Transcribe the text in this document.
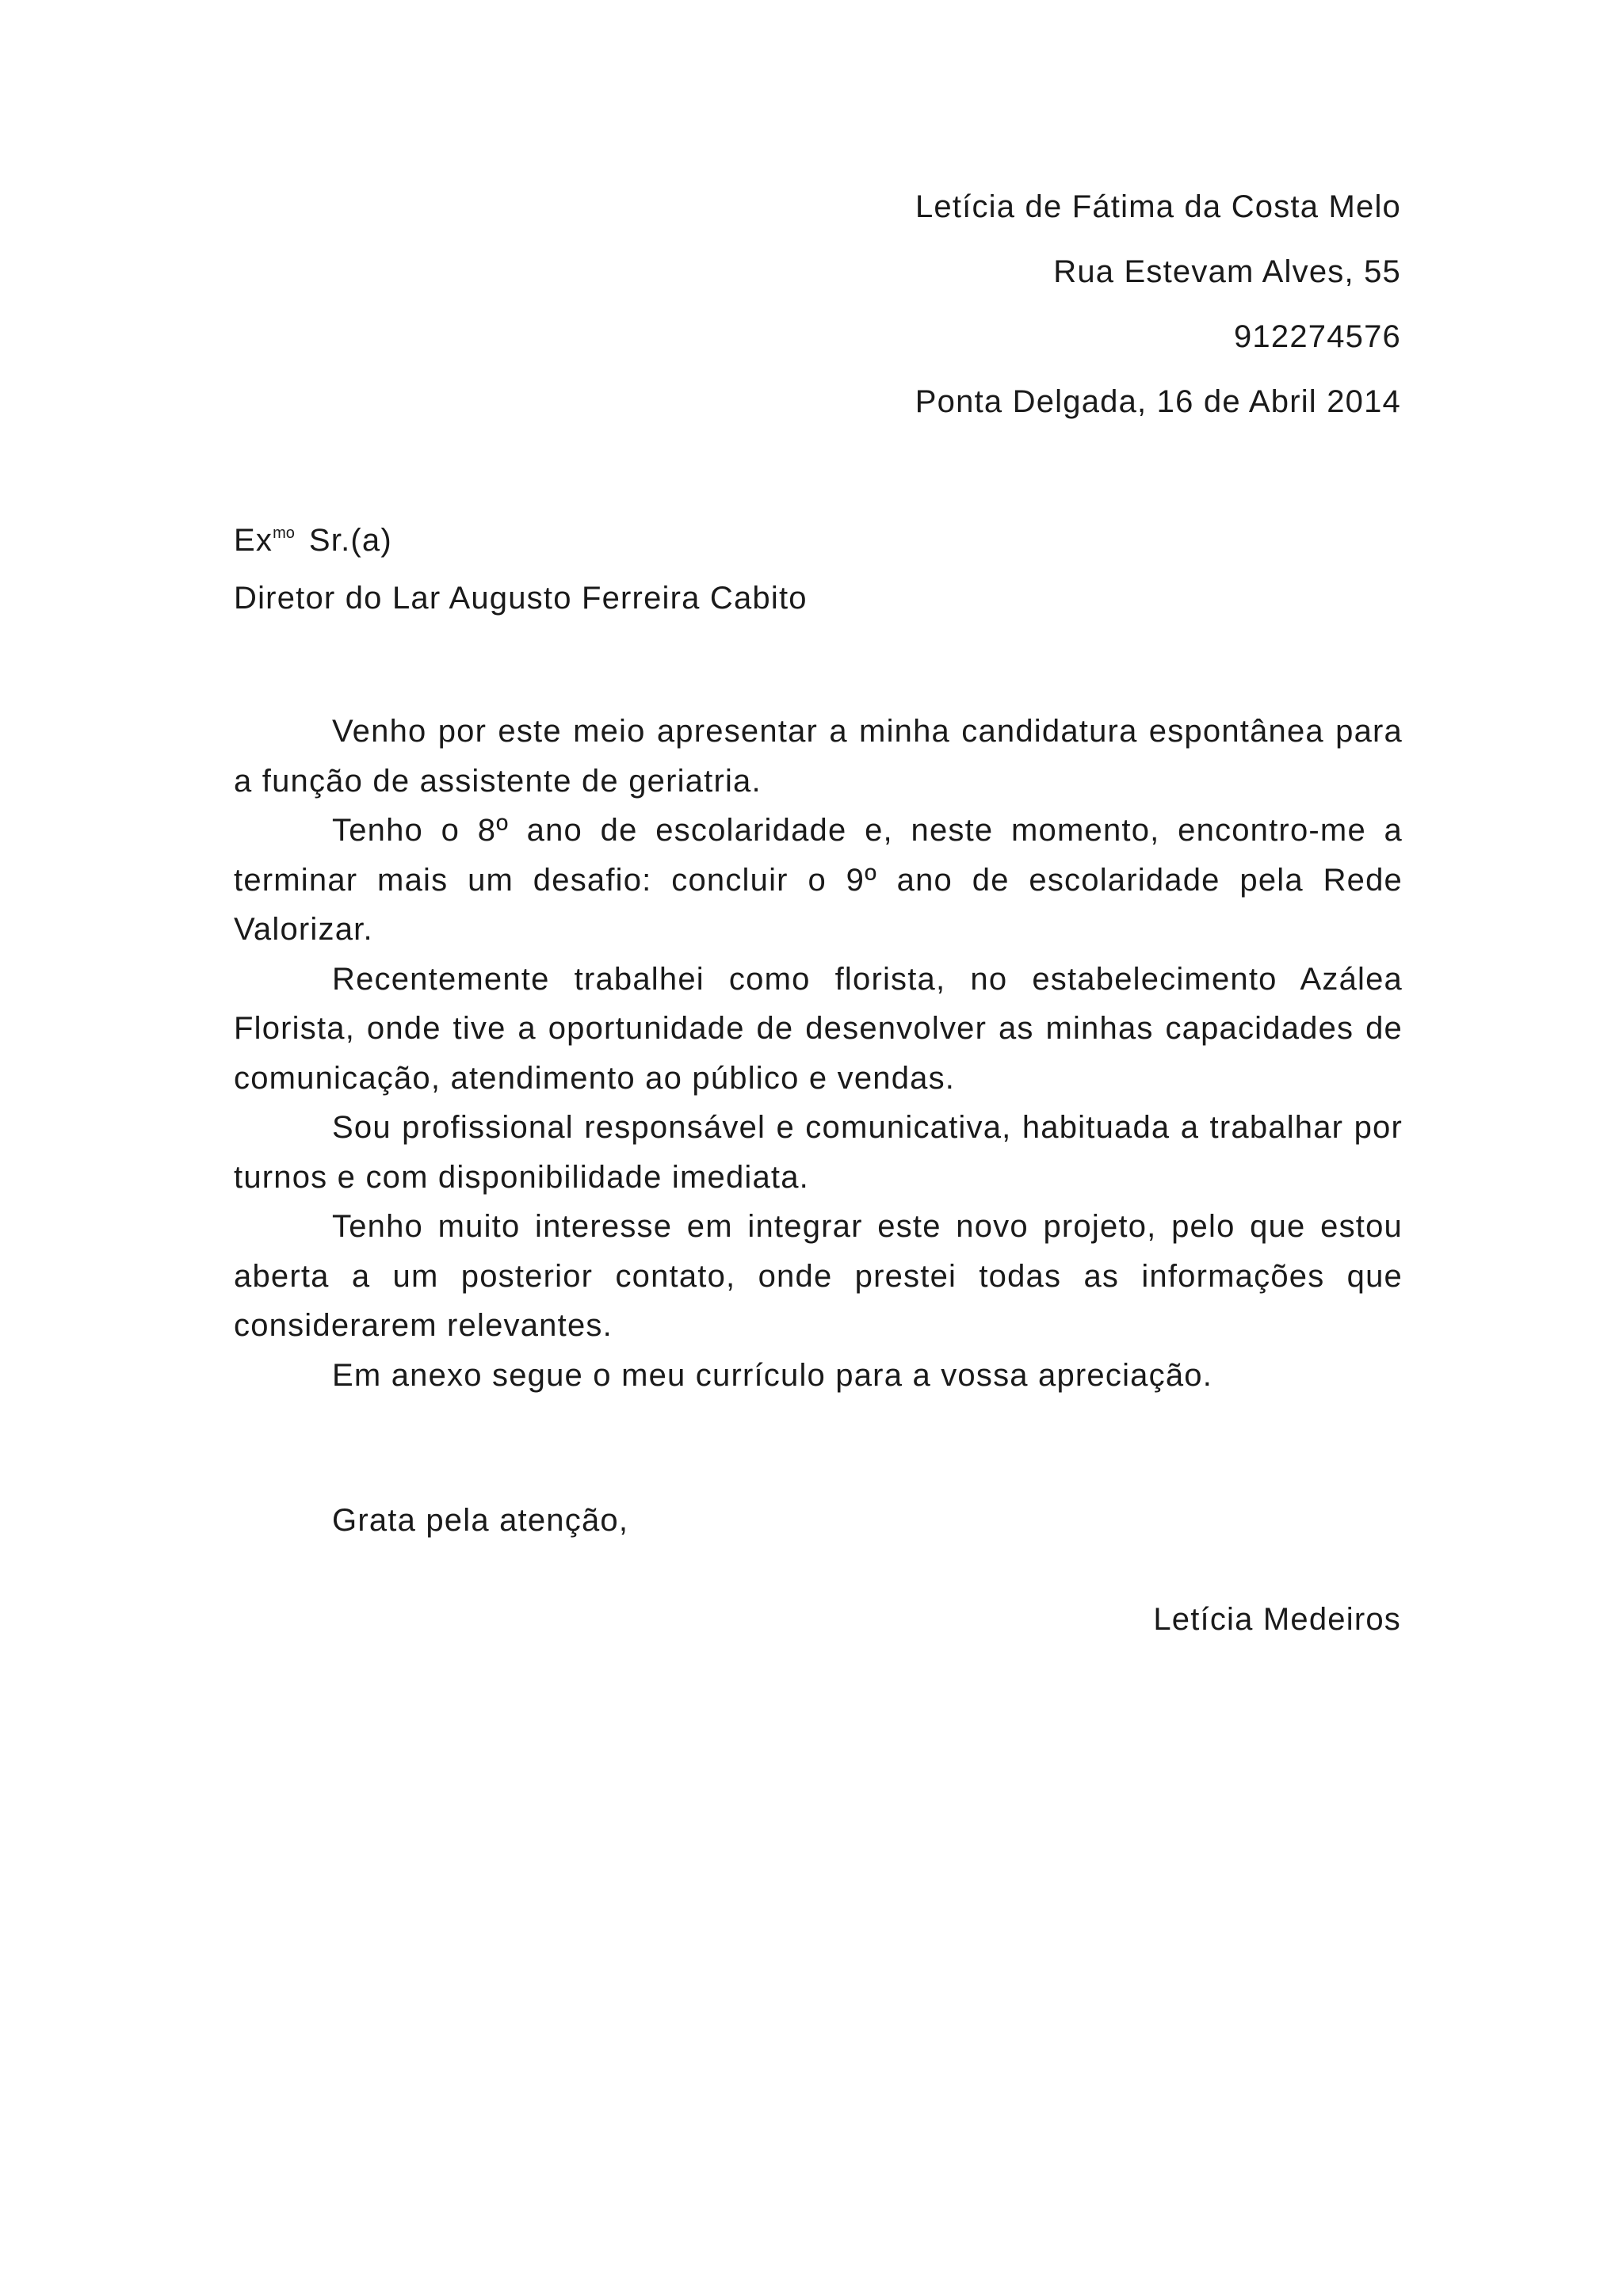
Letícia de Fátima da Costa Melo
Rua Estevam Alves, 55
912274576
Ponta Delgada, 16 de Abril 2014
$Ex^{mo}$ Sr.(a)
Diretor do Lar Augusto Ferreira Cabito

Venho por este meio apresentar a minha candidatura espontânea para a função de assistente de geriatria.

Tenho o 8º ano de escolaridade e, neste momento, encontro-me a terminar mais um desafio: concluir o 9º ano de escolaridade pela Rede Valorizar.

Recentemente trabalhei como florista, no estabelecimento Azálea Florista, onde tive a oportunidade de desenvolver as minhas capacidades de comunicação, atendimento ao público e vendas.

Sou profissional responsável e comunicativa, habituada a trabalhar por turnos e com disponibilidade imediata.

Tenho muito interesse em integrar este novo projeto, pelo que estou aberta a um posterior contato, onde prestei todas as informações que considerarem relevantes.

Em anexo segue o meu currículo para a vossa apreciação.

Grata pela atenção,
Letícia Medeiros
